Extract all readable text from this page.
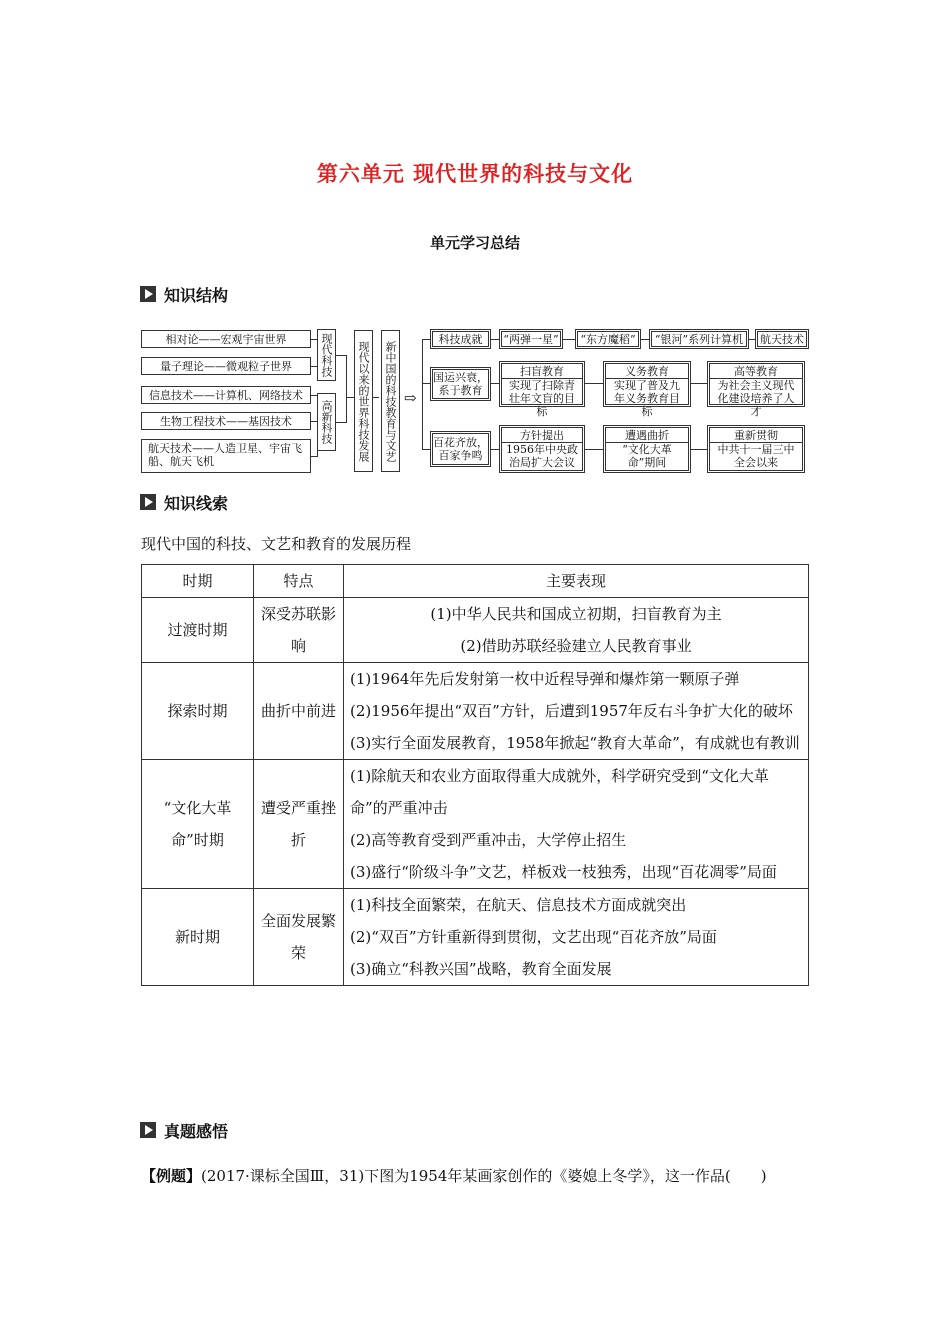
第六单元 现代世界的科技与文化
单元学习总结
知识结构
相对论——宏观宇宙世界
量子理论——微观粒子世界
信息技术——计算机、网络技术
生物工程技术——基因技术
航天技术——人造卫星、宇宙飞船、航天飞机
现代科技
高新科技 现代以来的世界科技发展 新中国的科技教育与文艺 ⇨
科技成就	“两弹一星”	“东方魔稻”	“银河”系列计算机	航天技术
国运兴衰，系于教育
扫盲教育
实现了扫除青壮年文盲的目标
义务教育
实现了普及九年义务教育目标
高等教育
为社会主义现代化建设培养了人才
百花齐放，百家争鸣
方针提出
1956年中央政治局扩大会议
遭遇曲折
“文化大革命”期间
重新贯彻
中共十一届三中全会以来
知识线索
现代中国的科技、文艺和教育的发展历程
时期	特点	主要表现
过渡时期	深受苏联影响	(1)中华人民共和国成立初期，扫盲教育为主
(2)借助苏联经验建立人民教育事业

探索时期	曲折中前进	(1)1964年先后发射第一枚中近程导弹和爆炸第一颗原子弹
(2)1956年提出“双百”方针，后遭到1957年反右斗争扩大化的破坏
(3)实行全面发展教育，1958年掀起“教育大革命”，有成就也有教训

“文化大革命”时期	遭受严重挫折	(1)除航天和农业方面取得重大成就外，科学研究受到“文化大革命”的严重冲击
(2)高等教育受到严重冲击，大学停止招生
(3)盛行“阶级斗争”文艺，样板戏一枝独秀，出现“百花凋零”局面

新时期	全面发展繁荣	(1)科技全面繁荣，在航天、信息技术方面成就突出
(2)“双百”方针重新得到贯彻，文艺出现“百花齐放”局面
(3)确立“科教兴国”战略，教育全面发展
真题感悟
【例题】(2017·课标全国Ⅲ，31)下图为1954年某画家创作的《婆媳上冬学》，这一作品(　　)
